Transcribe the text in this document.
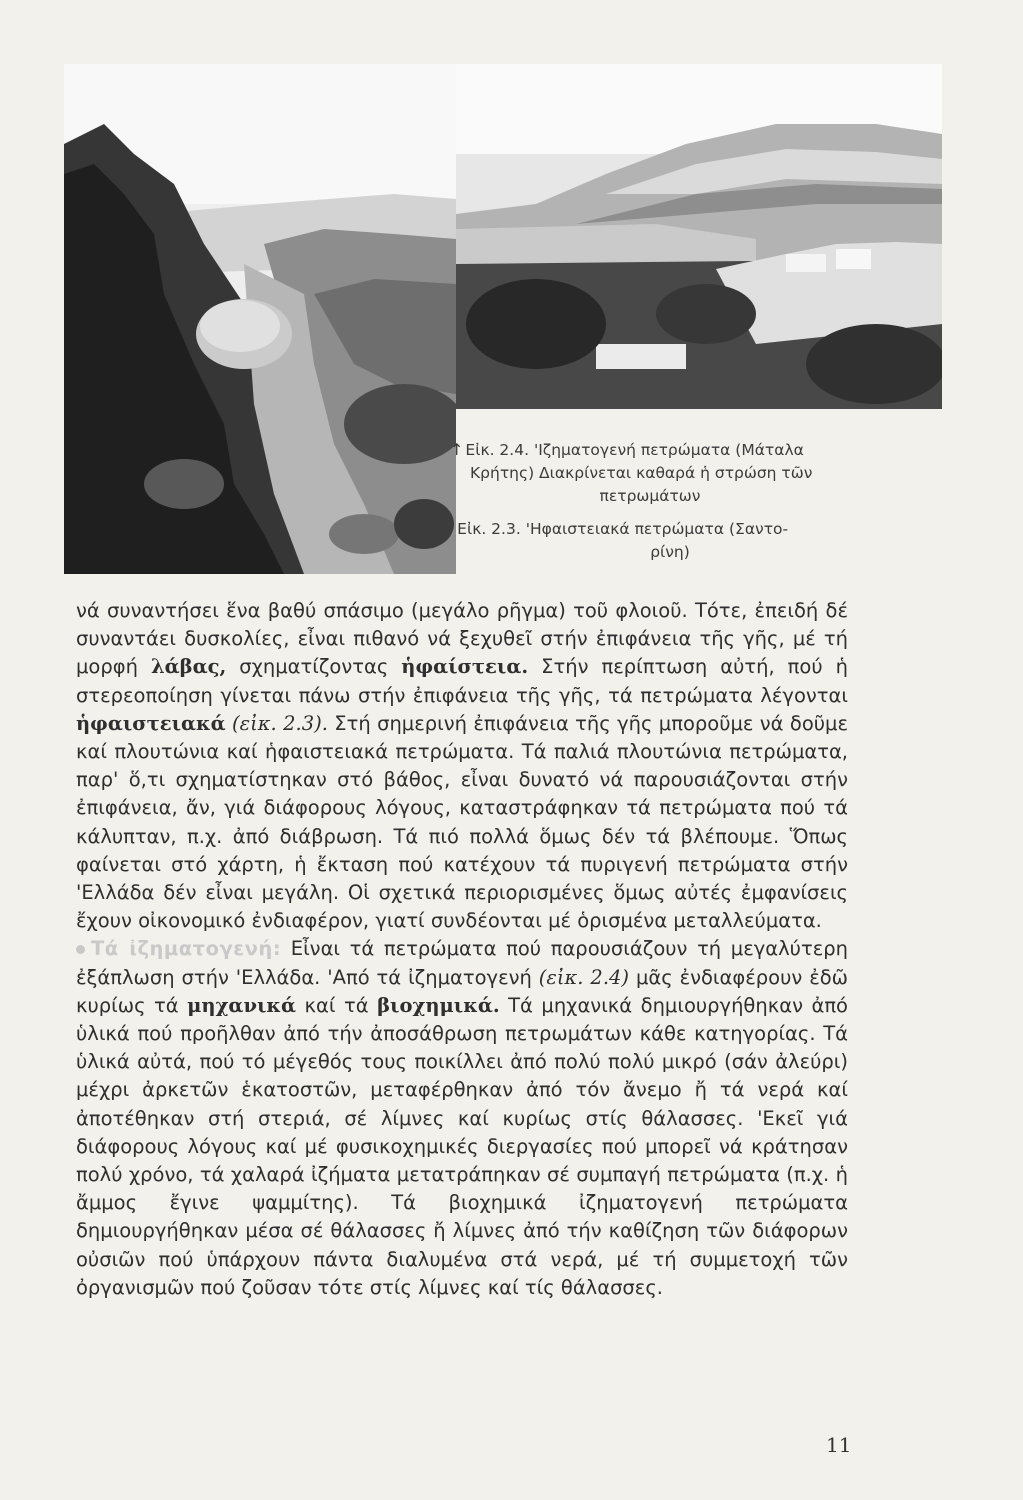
↑ Εἰκ. 2.4. 'Ιζηματογενή πετρώματα (Μάταλα
Κρήτης) Διακρίνεται καθαρά ἡ στρώση τῶν
πετρωμάτων
⟵ Εἰκ. 2.3. 'Ηφαιστειακά πετρώματα (Σαντο-
ρίνη)

νά συναντήσει ἕνα βαθύ σπάσιμο (μεγάλο ρῆγμα) τοῦ φλοιοῦ. Τότε, ἐπειδή δέ συναντάει δυσκολίες, εἶναι πιθανό νά ξεχυθεῖ στήν ἐπιφάνεια τῆς γῆς, μέ τή μορφή λάβας, σχηματίζοντας ἡφαίστεια. Στήν περίπτωση αὐτή, πού ἡ στερεοποίηση γίνεται πάνω στήν ἐπιφάνεια τῆς γῆς, τά πετρώματα λέγονται ἡφαιστειακά (εἰκ. 2.3). Στή σημερινή ἐπιφάνεια τῆς γῆς μποροῦμε νά δοῦμε καί πλουτώνια καί ἡφαιστειακά πετρώματα. Τά παλιά πλουτώνια πετρώματα, παρ' ὅ,τι σχηματίστηκαν στό βάθος, εἶναι δυνατό νά παρουσιάζονται στήν ἐπιφάνεια, ἄν, γιά διάφορους λόγους, καταστράφηκαν τά πετρώματα πού τά κάλυπταν, π.χ. ἀπό διάβρωση. Τά πιό πολλά ὅμως δέν τά βλέπουμε. Ὅπως φαίνεται στό χάρτη, ἡ ἔκταση πού κατέχουν τά πυριγενή πετρώματα στήν 'Ελλάδα δέν εἶναι μεγάλη. Οἱ σχετικά περιορισμένες ὅμως αὐτές ἐμφανίσεις ἔχουν οἰκονομικό ἐνδιαφέρον, γιατί συνδέονται μέ ὁρισμένα μεταλλεύματα.

Τά ἰζηματογενή: Εἶναι τά πετρώματα πού παρουσιάζουν τή μεγαλύτερη ἐξάπλωση στήν 'Ελλάδα. 'Από τά ἰζηματογενή (εἰκ. 2.4) μᾶς ἐνδιαφέρουν ἐδῶ κυρίως τά μηχανικά καί τά βιοχημικά. Τά μηχανικά δημιουργήθηκαν ἀπό ὑλικά πού προῆλθαν ἀπό τήν ἀποσάθρωση πετρωμάτων κάθε κατηγορίας. Τά ὑλικά αὐτά, πού τό μέγεθός τους ποικίλλει ἀπό πολύ πολύ μικρό (σάν ἀλεύρι) μέχρι ἀρκετῶν ἑκατοστῶν, μεταφέρθηκαν ἀπό τόν ἄνεμο ἤ τά νερά καί ἀποτέθηκαν στή στεριά, σέ λίμνες καί κυρίως στίς θάλασσες. 'Εκεῖ γιά διάφορους λόγους καί μέ φυσικοχημικές διεργασίες πού μπορεῖ νά κράτησαν πολύ χρόνο, τά χαλαρά ἰζήματα μετατράπηκαν σέ συμπαγή πετρώματα (π.χ. ἡ ἄμμος ἔγινε ψαμμίτης). Τά βιοχημικά ἰζηματογενή πετρώματα δημιουργήθηκαν μέσα σέ θάλασσες ἤ λίμνες ἀπό τήν καθίζηση τῶν διάφορων οὐσιῶν πού ὑπάρχουν πάντα διαλυμένα στά νερά, μέ τή συμμετοχή τῶν ὀργανισμῶν πού ζοῦσαν τότε στίς λίμνες καί τίς θάλασσες.

11
